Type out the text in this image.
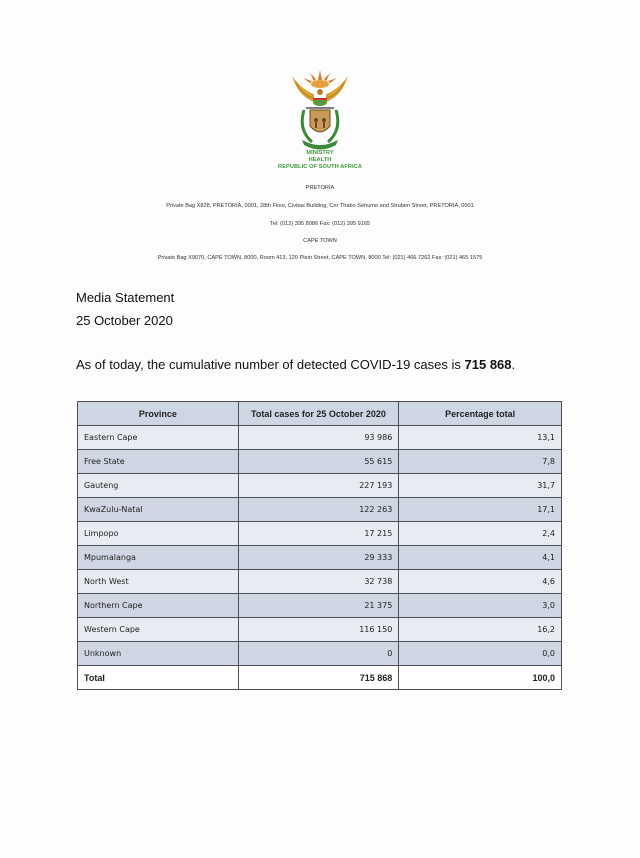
MINISTRY
HEALTH
REPUBLIC OF SOUTH AFRICA
PRETORIA
Private Bag X828, PRETORIA, 0001, 28th Floor, Civitas Building, Cnr Thabo Sehume and Struben Street, PRETORIA, 0001
Tel: (012) 395 8086 Fax: (012) 395 9165
CAPE TOWN
Private Bag X9070, CAPE TOWN, 8000, Room 413, 120 Plein Street, CAPE TOWN, 8000 Tel: (021) 466 7262 Fax: (021) 465 1575
Media Statement
25 October 2020
As of today, the cumulative number of detected COVID-19 cases is 715 868.
Province	Total cases for 25 October 2020	Percentage total
Eastern Cape	93 986	13,1
Free State	55 615	7,8
Gauteng	227 193	31,7
KwaZulu-Natal	122 263	17,1
Limpopo	17 215	2,4
Mpumalanga	29 333	4,1
North West	32 738	4,6
Northern Cape	21 375	3,0
Western Cape	116 150	16,2
Unknown	0	0,0
Total	715 868	100,0
